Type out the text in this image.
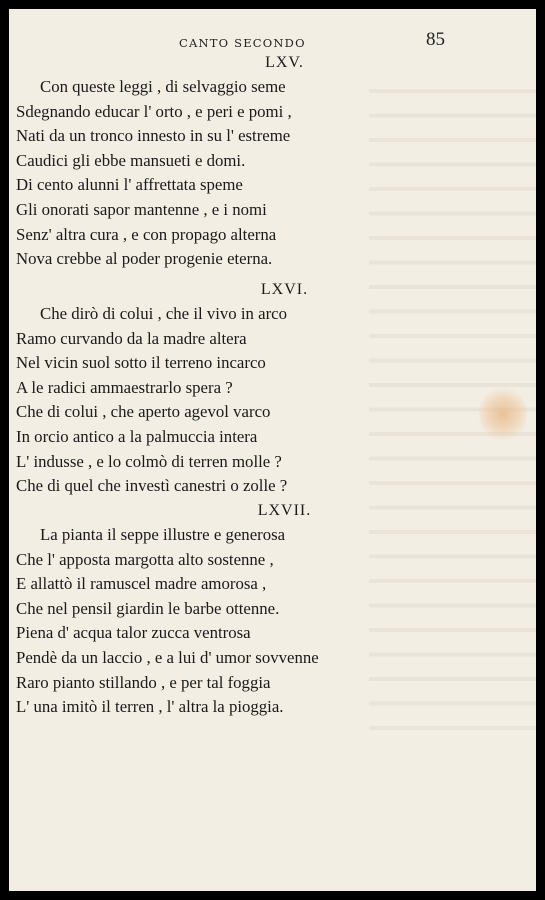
CANTO SECONDO	85
LXV.
Con queste leggi , di selvaggio seme
Sdegnando educar l' orto , e peri e pomi ,
Nati da un tronco innesto in su l' estreme
Caudici gli ebbe mansueti e domi.
Di cento alunni l' affrettata speme
Gli onorati sapor mantenne , e i nomi
Senz' altra cura , e con propago alterna
Nova crebbe al poder progenie eterna.
LXVI.
Che dirò di colui , che il vivo in arco
Ramo curvando da la madre altera
Nel vicin suol sotto il terreno incarco
A le radici ammaestrarlo spera ?
Che di colui , che aperto agevol varco
In orcio antico a la palmuccia intera
L' indusse , e lo colmò di terren molle ?
Che di quel che investì canestri o zolle ?
LXVII.
La pianta il seppe illustre e generosa
Che l' apposta margotta alto sostenne ,
E allattò il ramuscel madre amorosa ,
Che nel pensil giardin le barbe ottenne.
Piena d' acqua talor zucca ventrosa
Pendè da un laccio , e a lui d' umor sovvenne
Raro pianto stillando , e per tal foggia
L' una imitò il terren , l' altra la pioggia.
